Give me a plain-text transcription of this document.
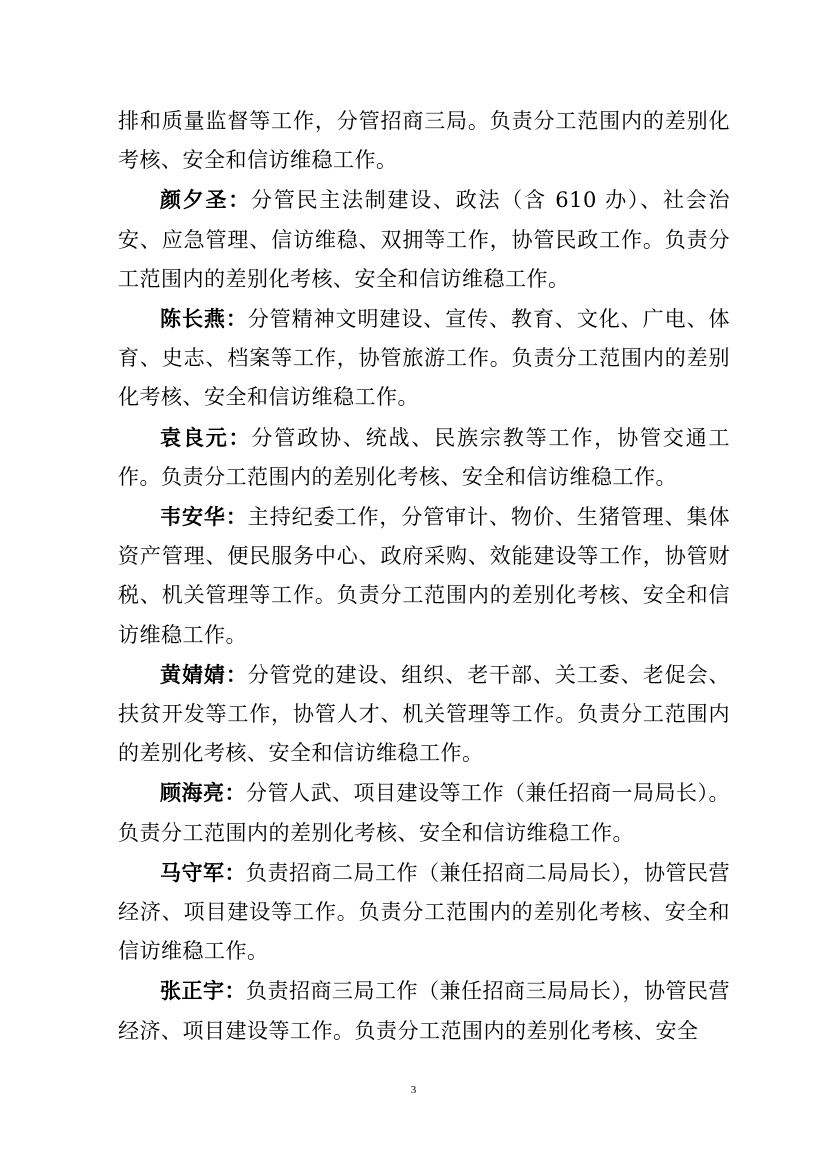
排和质量监督等工作，分管招商三局。负责分工范围内的差别化考核、安全和信访维稳工作。

颜夕圣：分管民主法制建设、政法（含 610 办）、社会治安、应急管理、信访维稳、双拥等工作，协管民政工作。负责分工范围内的差别化考核、安全和信访维稳工作。

陈长燕：分管精神文明建设、宣传、教育、文化、广电、体育、史志、档案等工作，协管旅游工作。负责分工范围内的差别化考核、安全和信访维稳工作。

袁良元：分管政协、统战、民族宗教等工作，协管交通工作。负责分工范围内的差别化考核、安全和信访维稳工作。

韦安华：主持纪委工作，分管审计、物价、生猪管理、集体资产管理、便民服务中心、政府采购、效能建设等工作，协管财税、机关管理等工作。负责分工范围内的差别化考核、安全和信访维稳工作。

黄婧婧：分管党的建设、组织、老干部、关工委、老促会、扶贫开发等工作，协管人才、机关管理等工作。负责分工范围内的差别化考核、安全和信访维稳工作。

顾海亮：分管人武、项目建设等工作（兼任招商一局局长）。负责分工范围内的差别化考核、安全和信访维稳工作。

马守军：负责招商二局工作（兼任招商二局局长），协管民营经济、项目建设等工作。负责分工范围内的差别化考核、安全和信访维稳工作。

张正宇：负责招商三局工作（兼任招商三局局长），协管民营经济、项目建设等工作。负责分工范围内的差别化考核、安全

3
